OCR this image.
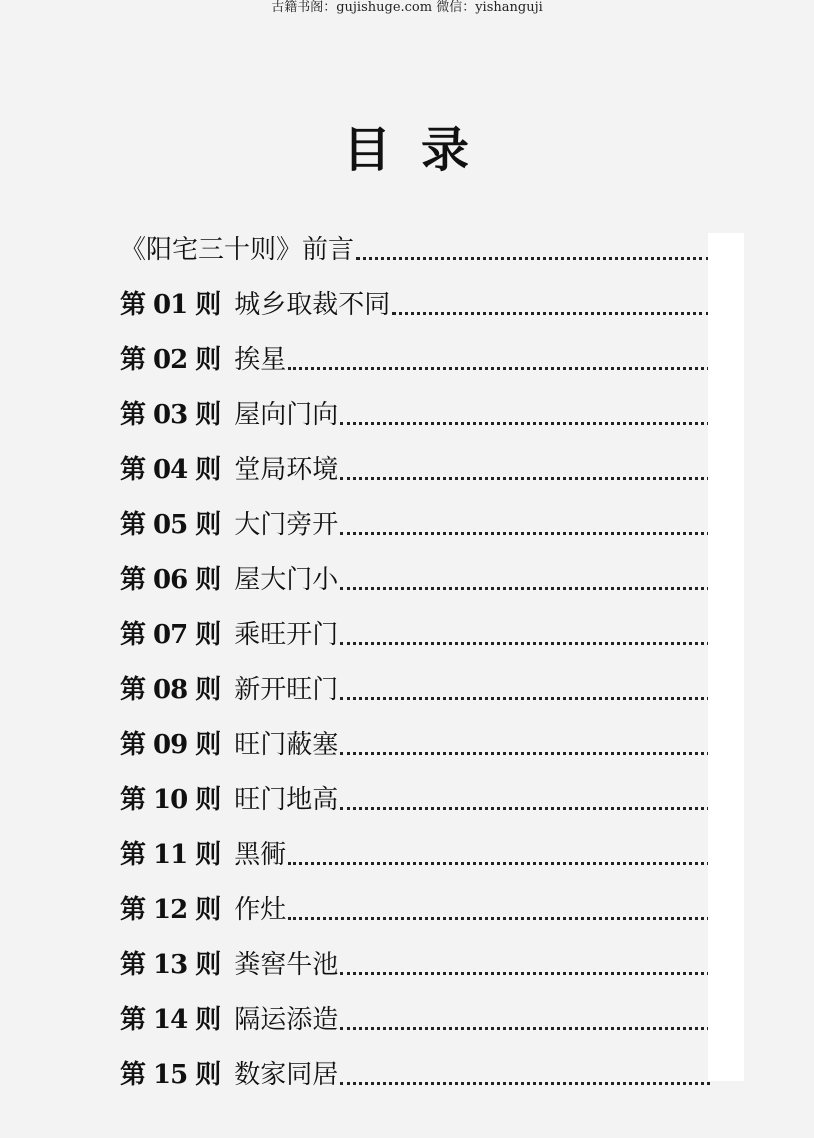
古籍书阁：gujishuge.com 微信：yishanguji
目 录
《阳宅三十则》前言
第 01 则 城乡取裁不同
第 02 则 挨星
第 03 则 屋向门向
第 04 则 堂局环境
第 05 则 大门旁开
第 06 则 屋大门小
第 07 则 乘旺开门
第 08 则 新开旺门
第 09 则 旺门蔽塞
第 10 则 旺门地高
第 11 则 黑衕
第 12 则 作灶
第 13 则 粪窖牛池
第 14 则 隔运添造
第 15 则 数家同居
